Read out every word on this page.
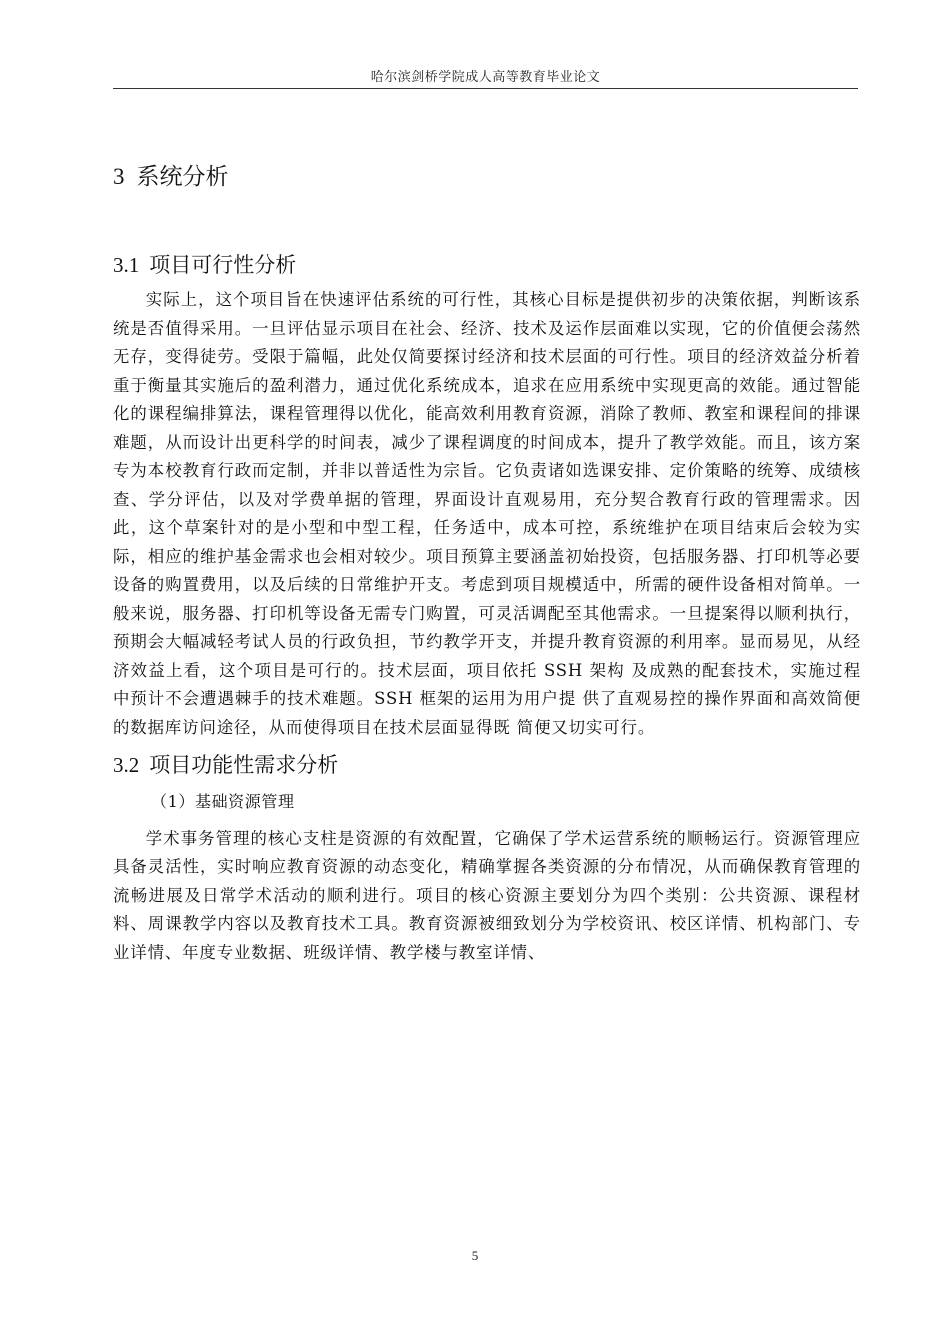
哈尔滨剑桥学院成人高等教育毕业论文
3 系统分析
3.1 项目可行性分析

实际上，这个项目旨在快速评估系统的可行性，其核心目标是提供初步的决策依据，判断该系统是否值得采用。一旦评估显示项目在社会、经济、技术及运作层面难以实现，它的价值便会荡然无存，变得徒劳。受限于篇幅，此处仅简要探讨经济和技术层面的可行性。项目的经济效益分析着重于衡量其实施后的盈利潜力，通过优化系统成本，追求在应用系统中实现更高的效能。通过智能化的课程编排算法，课程管理得以优化，能高效利用教育资源，消除了教师、教室和课程间的排课难题，从而设计出更科学的时间表，减少了课程调度的时间成本，提升了教学效能。而且，该方案专为本校教育行政而定制，并非以普适性为宗旨。它负责诸如选课安排、定价策略的统筹、成绩核查、学分评估，以及对学费单据的管理，界面设计直观易用，充分契合教育行政的管理需求。因此，这个草案针对的是小型和中型工程，任务适中，成本可控，系统维护在项目结束后会较为实际，相应的维护基金需求也会相对较少。项目预算主要涵盖初始投资，包括服务器、打印机等必要设备的购置费用，以及后续的日常维护开支。考虑到项目规模适中，所需的硬件设备相对简单。一般来说，服务器、打印机等设备无需专门购置，可灵活调配至其他需求。一旦提案得以顺利执行，预期会大幅减轻考试人员的行政负担，节约教学开支，并提升教育资源的利用率。显而易见，从经济效益上看，这个项目是可行的。技术层面，项目依托 SSH 架构 及成熟的配套技术，实施过程中预计不会遭遇棘手的技术难题。SSH 框架的运用为用户提 供了直观易控的操作界面和高效简便的数据库访问途径，从而使得项目在技术层面显得既 简便又切实可行。

3.2 项目功能性需求分析
（1）基础资源管理

学术事务管理的核心支柱是资源的有效配置，它确保了学术运营系统的顺畅运行。资源管理应具备灵活性，实时响应教育资源的动态变化，精确掌握各类资源的分布情况，从而确保教育管理的流畅进展及日常学术活动的顺利进行。项目的核心资源主要划分为四个类别：公共资源、课程材料、周课教学内容以及教育技术工具。教育资源被细致划分为学校资讯、校区详情、机构部门、专业详情、年度专业数据、班级详情、教学楼与教室详情、

5
